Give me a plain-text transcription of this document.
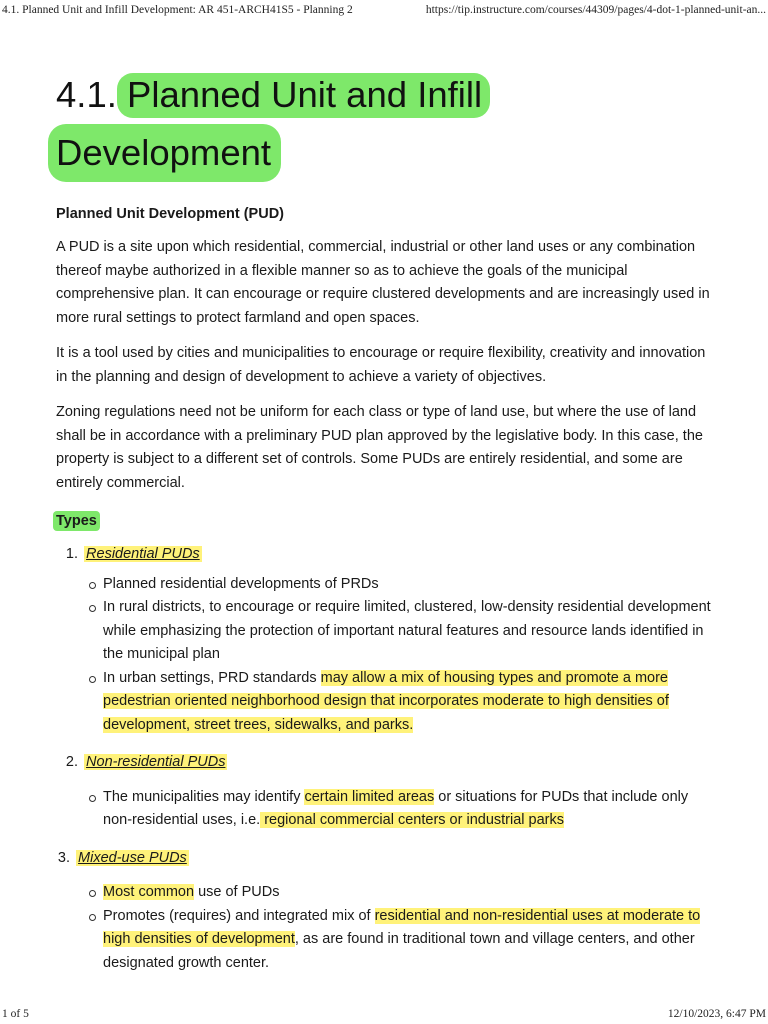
4.1. Planned Unit and Infill Development: AR 451-ARCH41S5 - Planning 2	https://tip.instructure.com/courses/44309/pages/4-dot-1-planned-unit-an...
4.1. Planned Unit and Infill
Development
Planned Unit Development (PUD)

A PUD is a site upon which residential, commercial, industrial or other land uses or any combination thereof maybe authorized in a flexible manner so as to achieve the goals of the municipal comprehensive plan. It can encourage or require clustered developments and are increasingly used in more rural settings to protect farmland and open spaces.

It is a tool used by cities and municipalities to encourage or require flexibility, creativity and innovation in the planning and design of development to achieve a variety of objectives.

Zoning regulations need not be uniform for each class or type of land use, but where the use of land shall be in accordance with a preliminary PUD plan approved by the legislative body. In this case, the property is subject to a different set of controls. Some PUDs are entirely residential, and some are entirely commercial.

Types
1. Residential PUDs
Planned residential developments of PRDs
In rural districts, to encourage or require limited, clustered, low-density residential development while emphasizing the protection of important natural features and resource lands identified in the municipal plan
In urban settings, PRD standards may allow a mix of housing types and promote a more pedestrian oriented neighborhood design that incorporates moderate to high densities of development, street trees, sidewalks, and parks.
2. Non-residential PUDs
The municipalities may identify certain limited areas or situations for PUDs that include only non-residential uses, i.e. regional commercial centers or industrial parks
3. Mixed-use PUDs
Most common use of PUDs
Promotes (requires) and integrated mix of residential and non-residential uses at moderate to high densities of development, as are found in traditional town and village centers, and other designated growth center.
1 of 5	12/10/2023, 6:47 PM
